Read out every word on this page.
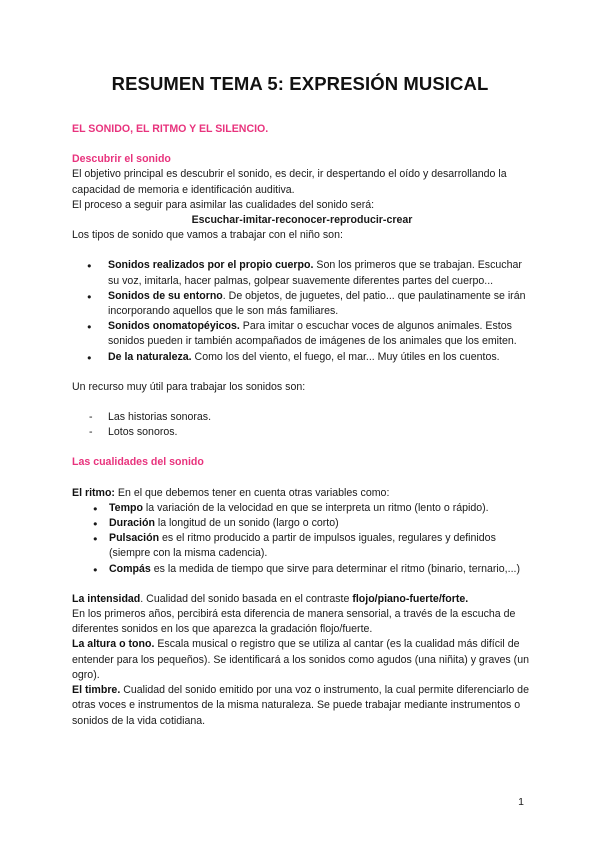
RESUMEN TEMA 5: EXPRESIÓN MUSICAL

EL SONIDO, EL RITMO Y EL SILENCIO.

Descubrir el sonido

El objetivo principal es descubrir el sonido, es decir, ir despertando el oído y desarrollando la capacidad de memoria e identificación auditiva.

El proceso a seguir para asimilar las cualidades del sonido será:

Escuchar-imitar-reconocer-reproducir-crear

Los tipos de sonido que vamos a trabajar con el niño son:

● Sonidos realizados por el propio cuerpo. Son los primeros que se trabajan. Escuchar su voz, imitarla, hacer palmas, golpear suavemente diferentes partes del cuerpo...
● Sonidos de su entorno. De objetos, de juguetes, del patio... que paulatinamente se irán incorporando aquellos que le son más familiares.
● Sonidos onomatopéyicos. Para imitar o escuchar voces de algunos animales. Estos sonidos pueden ir también acompañados de imágenes de los animales que los emiten.
● De la naturaleza. Como los del viento, el fuego, el mar... Muy útiles en los cuentos.

Un recurso muy útil para trabajar los sonidos son:

- Las historias sonoras.
- Lotos sonoros.

Las cualidades del sonido

El ritmo: En el que debemos tener en cuenta otras variables como:

● Tempo la variación de la velocidad en que se interpreta un ritmo (lento o rápido).
● Duración la longitud de un sonido (largo o corto)
● Pulsación es el ritmo producido a partir de impulsos iguales, regulares y definidos (siempre con la misma cadencia).
● Compás es la medida de tiempo que sirve para determinar el ritmo (binario, ternario,...)

La intensidad. Cualidad del sonido basada en el contraste flojo/piano-fuerte/forte.

En los primeros años, percibirá esta diferencia de manera sensorial, a través de la escucha de diferentes sonidos en los que aparezca la gradación flojo/fuerte.

La altura o tono. Escala musical o registro que se utiliza al cantar (es la cualidad más difícil de entender para los pequeños). Se identificará a los sonidos como agudos (una niñita) y graves (un ogro).

El timbre. Cualidad del sonido emitido por una voz o instrumento, la cual permite diferenciarlo de otras voces e instrumentos de la misma naturaleza. Se puede trabajar mediante instrumentos o sonidos de la vida cotidiana.

1
